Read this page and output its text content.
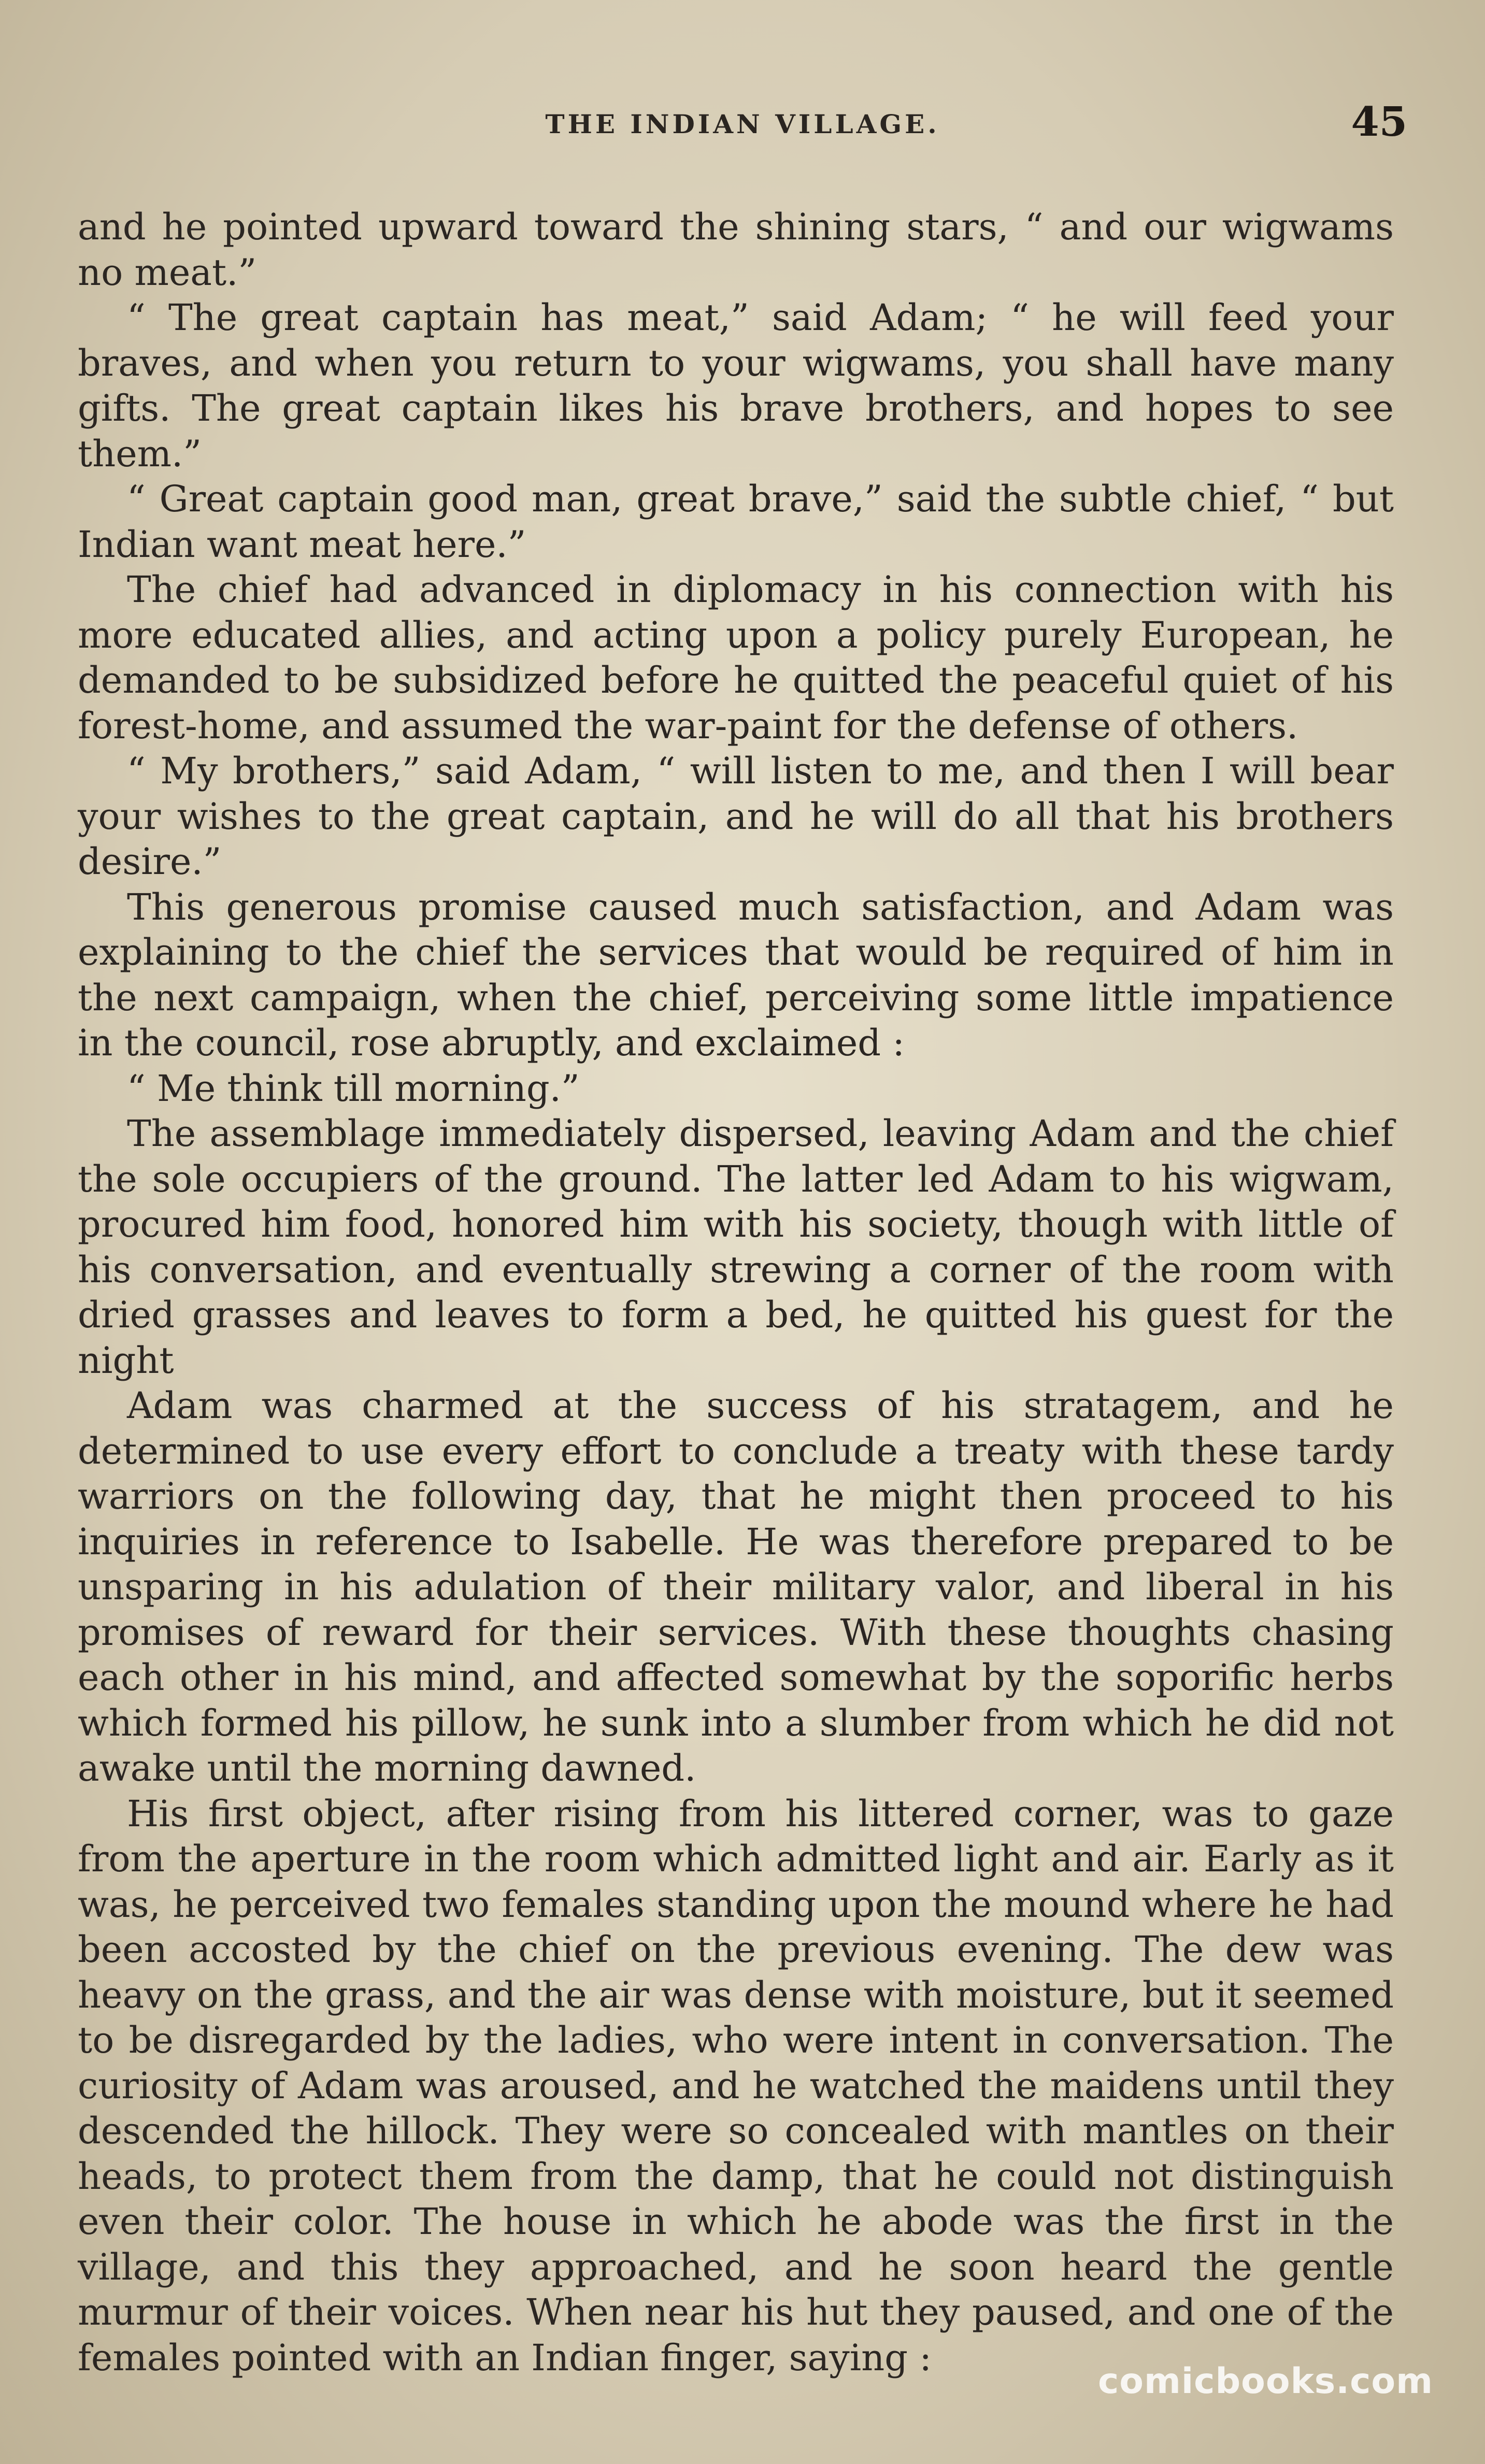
THE INDIAN VILLAGE.	45

and he pointed upward toward the shining stars, “ and our wigwams no meat.”

“ The great captain has meat,” said Adam; “ he will feed your braves, and when you return to your wigwams, you shall have many gifts. The great captain likes his brave brothers, and hopes to see them.”

“ Great captain good man, great brave,” said the subtle chief, “ but Indian want meat here.”

The chief had advanced in diplomacy in his connection with his more educated allies, and acting upon a policy purely European, he demanded to be subsidized before he quitted the peaceful quiet of his forest-home, and assumed the war-paint for the defense of others.

“ My brothers,” said Adam, “ will listen to me, and then I will bear your wishes to the great captain, and he will do all that his brothers desire.”

This generous promise caused much satisfaction, and Adam was explaining to the chief the services that would be required of him in the next campaign, when the chief, perceiving some little impatience in the council, rose abruptly, and exclaimed :

“ Me think till morning.”

The assemblage immediately dispersed, leaving Adam and the chief the sole occupiers of the ground. The latter led Adam to his wigwam, procured him food, honored him with his society, though with little of his conversation, and eventually strewing a corner of the room with dried grasses and leaves to form a bed, he quitted his guest for the night

Adam was charmed at the success of his stratagem, and he determined to use every effort to conclude a treaty with these tardy warriors on the following day, that he might then proceed to his inquiries in reference to Isabelle. He was therefore prepared to be unsparing in his adulation of their military valor, and liberal in his promises of reward for their services. With these thoughts chasing each other in his mind, and affected somewhat by the soporific herbs which formed his pillow, he sunk into a slumber from which he did not awake until the morning dawned.

His first object, after rising from his littered corner, was to gaze from the aperture in the room which admitted light and air. Early as it was, he perceived two females standing upon the mound where he had been accosted by the chief on the previous evening. The dew was heavy on the grass, and the air was dense with moisture, but it seemed to be disregarded by the ladies, who were intent in conversation. The curiosity of Adam was aroused, and he watched the maidens until they descended the hillock. They were so concealed with mantles on their heads, to protect them from the damp, that he could not distinguish even their color. The house in which he abode was the first in the village, and this they approached, and he soon heard the gentle murmur of their voices. When near his hut they paused, and one of the females pointed with an Indian finger, saying :

comicbooks.com
